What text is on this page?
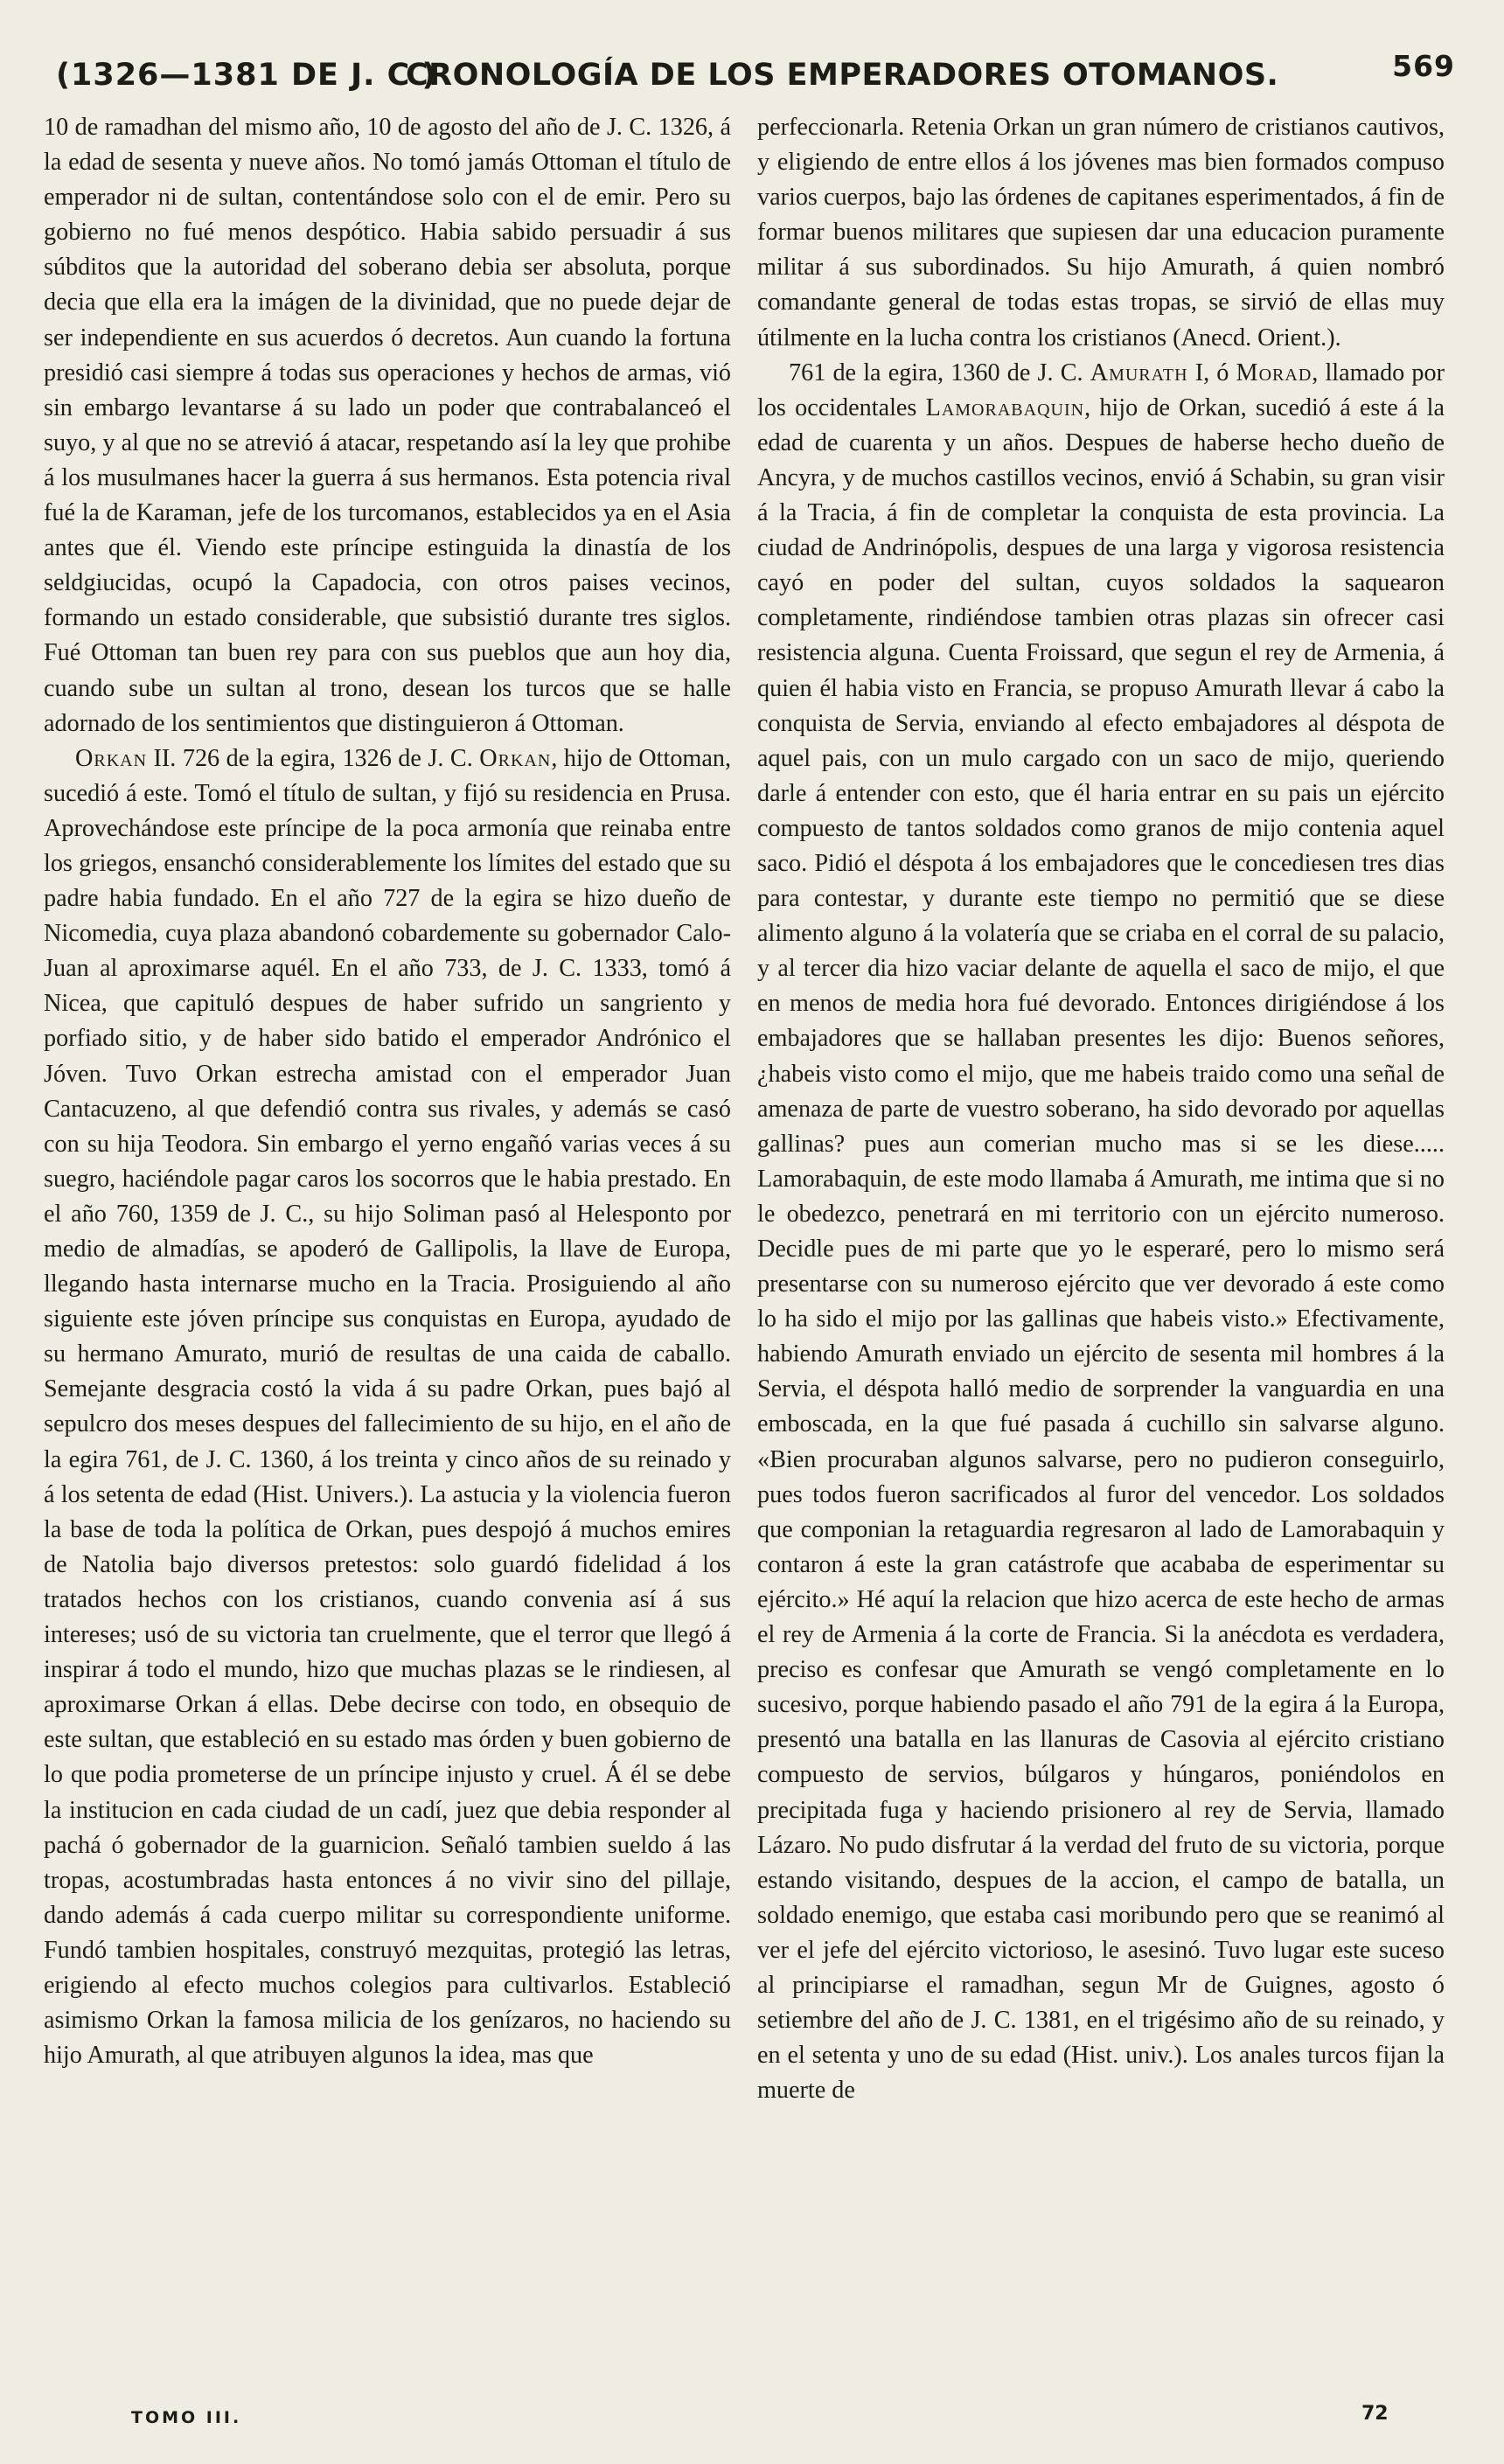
(1326—1381 DE J. C )
CRONOLOGÍA DE LOS EMPERADORES OTOMANOS.	569

10 de ramadhan del mismo año, 10 de agosto del año de J. C. 1326, á la edad de sesenta y nueve años. No tomó jamás Ottoman el título de emperador ni de sultan, contentándose solo con el de emir. Pero su gobierno no fué menos despótico. Habia sabido persuadir á sus súbditos que la autoridad del soberano debia ser absoluta, porque decia que ella era la imágen de la divinidad, que no puede dejar de ser independiente en sus acuerdos ó decretos. Aun cuando la fortuna presidió casi siempre á todas sus operaciones y hechos de armas, vió sin embargo levantarse á su lado un poder que contrabalanceó el suyo, y al que no se atrevió á atacar, respetando así la ley que prohibe á los musulmanes hacer la guerra á sus hermanos. Esta potencia rival fué la de Karaman, jefe de los turcomanos, establecidos ya en el Asia antes que él. Viendo este príncipe estinguida la dinastía de los seldgiucidas, ocupó la Capadocia, con otros paises vecinos, formando un estado considerable, que subsistió durante tres siglos. Fué Ottoman tan buen rey para con sus pueblos que aun hoy dia, cuando sube un sultan al trono, desean los turcos que se halle adornado de los sentimientos que distinguieron á Ottoman.

Orkan II. 726 de la egira, 1326 de J. C. Orkan, hijo de Ottoman, sucedió á este. Tomó el título de sultan, y fijó su residencia en Prusa. Aprovechándose este príncipe de la poca armonía que reinaba entre los griegos, ensanchó considerablemente los límites del estado que su padre habia fundado. En el año 727 de la egira se hizo dueño de Nicomedia, cuya plaza abandonó cobardemente su gobernador Calo-Juan al aproximarse aquél. En el año 733, de J. C. 1333, tomó á Nicea, que capituló despues de haber sufrido un sangriento y porfiado sitio, y de haber sido batido el emperador Andrónico el Jóven. Tuvo Orkan estrecha amistad con el emperador Juan Cantacuzeno, al que defendió contra sus rivales, y además se casó con su hija Teodora. Sin embargo el yerno engañó varias veces á su suegro, haciéndole pagar caros los socorros que le habia prestado. En el año 760, 1359 de J. C., su hijo Soliman pasó al Helesponto por medio de almadías, se apoderó de Gallipolis, la llave de Europa, llegando hasta internarse mucho en la Tracia. Prosiguiendo al año siguiente este jóven príncipe sus conquistas en Europa, ayudado de su hermano Amurato, murió de resultas de una caida de caballo. Semejante desgracia costó la vida á su padre Orkan, pues bajó al sepulcro dos meses despues del fallecimiento de su hijo, en el año de la egira 761, de J. C. 1360, á los treinta y cinco años de su reinado y á los setenta de edad (Hist. Univers.). La astucia y la violencia fueron la base de toda la política de Orkan, pues despojó á muchos emires de Natolia bajo diversos pretestos: solo guardó fidelidad á los tratados hechos con los cristianos, cuando convenia así á sus intereses; usó de su victoria tan cruelmente, que el terror que llegó á inspirar á todo el mundo, hizo que muchas plazas se le rindiesen, al aproximarse Orkan á ellas. Debe decirse con todo, en obsequio de este sultan, que estableció en su estado mas órden y buen gobierno de lo que podia prometerse de un príncipe injusto y cruel. Á él se debe la institucion en cada ciudad de un cadí, juez que debia responder al pachá ó gobernador de la guarnicion. Señaló tambien sueldo á las tropas, acostumbradas hasta entonces á no vivir sino del pillaje, dando además á cada cuerpo militar su correspondiente uniforme. Fundó tambien hospitales, construyó mezquitas, protegió las letras, erigiendo al efecto muchos colegios para cultivarlos. Estableció asimismo Orkan la famosa milicia de los genízaros, no haciendo su hijo Amurath, al que atribuyen algunos la idea, mas que

perfeccionarla. Retenia Orkan un gran número de cristianos cautivos, y eligiendo de entre ellos á los jóvenes mas bien formados compuso varios cuerpos, bajo las órdenes de capitanes esperimentados, á fin de formar buenos militares que supiesen dar una educacion puramente militar á sus subordinados. Su hijo Amurath, á quien nombró comandante general de todas estas tropas, se sirvió de ellas muy útilmente en la lucha contra los cristianos (Anecd. Orient.).

761 de la egira, 1360 de J. C. Amurath I, ó Morad, llamado por los occidentales Lamorabaquin, hijo de Orkan, sucedió á este á la edad de cuarenta y un años. Despues de haberse hecho dueño de Ancyra, y de muchos castillos vecinos, envió á Schabin, su gran visir á la Tracia, á fin de completar la conquista de esta provincia. La ciudad de Andrinópolis, despues de una larga y vigorosa resistencia cayó en poder del sultan, cuyos soldados la saquearon completamente, rindiéndose tambien otras plazas sin ofrecer casi resistencia alguna. Cuenta Froissard, que segun el rey de Armenia, á quien él habia visto en Francia, se propuso Amurath llevar á cabo la conquista de Servia, enviando al efecto embajadores al déspota de aquel pais, con un mulo cargado con un saco de mijo, queriendo darle á entender con esto, que él haria entrar en su pais un ejército compuesto de tantos soldados como granos de mijo contenia aquel saco. Pidió el déspota á los embajadores que le concediesen tres dias para contestar, y durante este tiempo no permitió que se diese alimento alguno á la volatería que se criaba en el corral de su palacio, y al tercer dia hizo vaciar delante de aquella el saco de mijo, el que en menos de media hora fué devorado. Entonces dirigiéndose á los embajadores que se hallaban presentes les dijo: Buenos señores, ¿habeis visto como el mijo, que me habeis traido como una señal de amenaza de parte de vuestro soberano, ha sido devorado por aquellas gallinas? pues aun comerian mucho mas si se les diese..... Lamorabaquin, de este modo llamaba á Amurath, me intima que si no le obedezco, penetrará en mi territorio con un ejército numeroso. Decidle pues de mi parte que yo le esperaré, pero lo mismo será presentarse con su numeroso ejército que ver devorado á este como lo ha sido el mijo por las gallinas que habeis visto.» Efectivamente, habiendo Amurath enviado un ejército de sesenta mil hombres á la Servia, el déspota halló medio de sorprender la vanguardia en una emboscada, en la que fué pasada á cuchillo sin salvarse alguno. «Bien procuraban algunos salvarse, pero no pudieron conseguirlo, pues todos fueron sacrificados al furor del vencedor. Los soldados que componian la retaguardia regresaron al lado de Lamorabaquin y contaron á este la gran catástrofe que acababa de esperimentar su ejército.» Hé aquí la relacion que hizo acerca de este hecho de armas el rey de Armenia á la corte de Francia. Si la anécdota es verdadera, preciso es confesar que Amurath se vengó completamente en lo sucesivo, porque habiendo pasado el año 791 de la egira á la Europa, presentó una batalla en las llanuras de Casovia al ejército cristiano compuesto de servios, búlgaros y húngaros, poniéndolos en precipitada fuga y haciendo prisionero al rey de Servia, llamado Lázaro. No pudo disfrutar á la verdad del fruto de su victoria, porque estando visitando, despues de la accion, el campo de batalla, un soldado enemigo, que estaba casi moribundo pero que se reanimó al ver el jefe del ejército victorioso, le asesinó. Tuvo lugar este suceso al principiarse el ramadhan, segun Mr de Guignes, agosto ó setiembre del año de J. C. 1381, en el trigésimo año de su reinado, y en el setenta y uno de su edad (Hist. univ.). Los anales turcos fijan la muerte de

TOMO III.	72
